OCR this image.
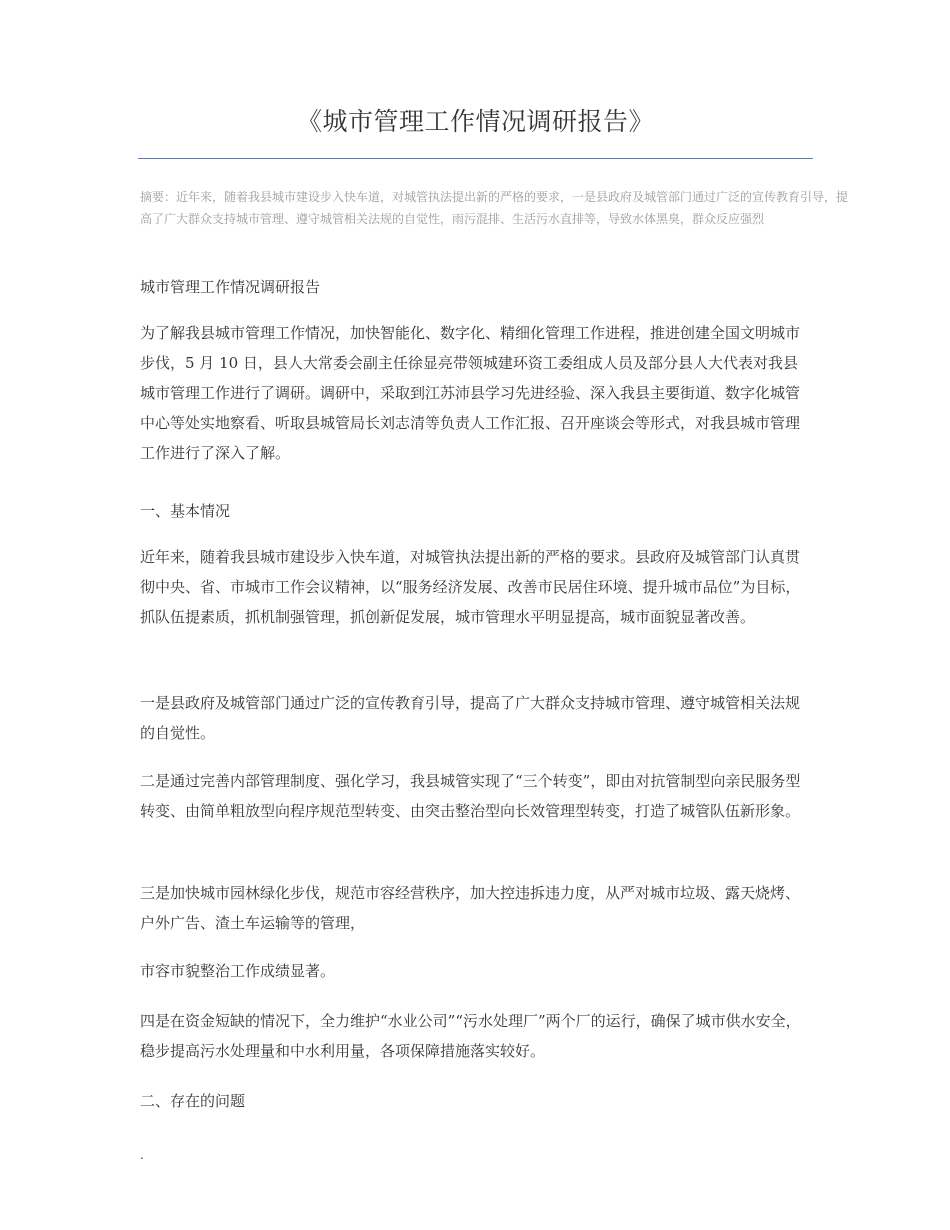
《城市管理工作情况调研报告》

摘要：近年来，随着我县城市建设步入快车道，对城管执法提出新的严格的要求，一是县政府及城管部门通过广泛的宣传教育引导，提高了广大群众支持城市管理、遵守城管相关法规的自觉性，雨污混排、生活污水直排等，导致水体黑臭，群众反应强烈

城市管理工作情况调研报告

为了解我县城市管理工作情况，加快智能化、数字化、精细化管理工作进程，推进创建全国文明城市步伐，5 月 10 日，县人大常委会副主任徐显亮带领城建环资工委组成人员及部分县人大代表对我县城市管理工作进行了调研。调研中，采取到江苏沛县学习先进经验、深入我县主要街道、数字化城管中心等处实地察看、听取县城管局长刘志清等负责人工作汇报、召开座谈会等形式，对我县城市管理工作进行了深入了解。

一、基本情况

近年来，随着我县城市建设步入快车道，对城管执法提出新的严格的要求。县政府及城管部门认真贯彻中央、省、市城市工作会议精神，以“服务经济发展、改善市民居住环境、提升城市品位”为目标，抓队伍提素质，抓机制强管理，抓创新促发展，城市管理水平明显提高，城市面貌显著改善。

一是县政府及城管部门通过广泛的宣传教育引导，提高了广大群众支持城市管理、遵守城管相关法规的自觉性。

二是通过完善内部管理制度、强化学习，我县城管实现了“三个转变”，即由对抗管制型向亲民服务型转变、由简单粗放型向程序规范型转变、由突击整治型向长效管理型转变，打造了城管队伍新形象。

三是加快城市园林绿化步伐，规范市容经营秩序，加大控违拆违力度，从严对城市垃圾、露天烧烤、户外广告、渣土车运输等的管理，

市容市貌整治工作成绩显著。

四是在资金短缺的情况下，全力维护“水业公司”“污水处理厂”两个厂的运行，确保了城市供水安全，稳步提高污水处理量和中水利用量，各项保障措施落实较好。

二、存在的问题

.
